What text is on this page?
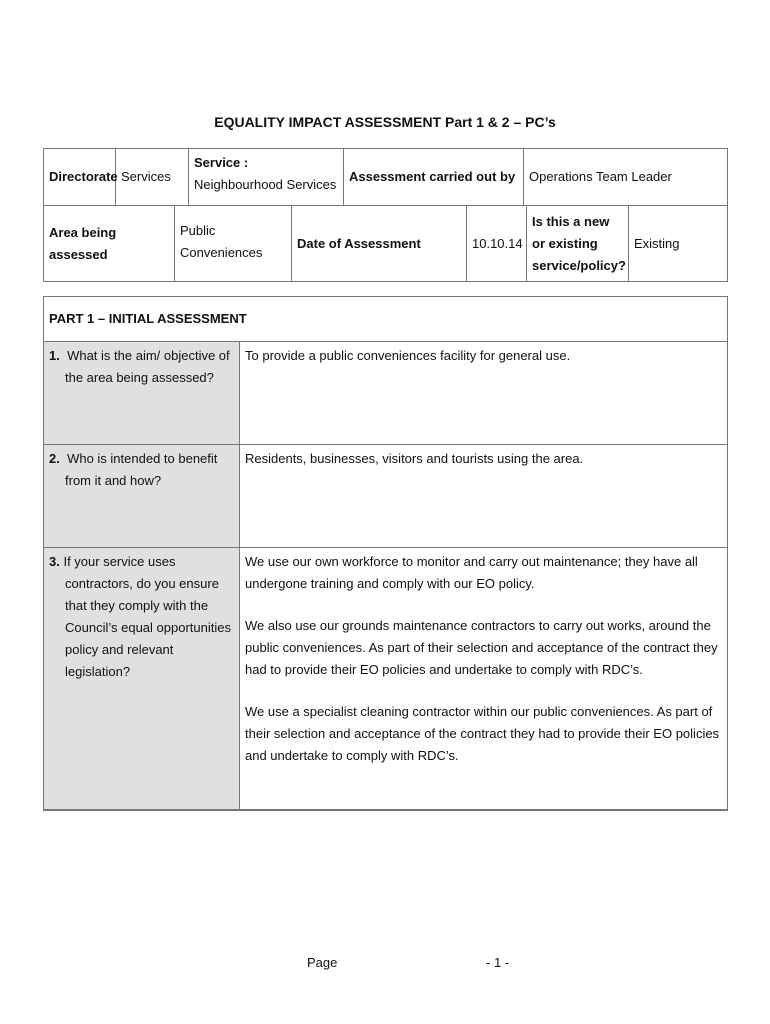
EQUALITY IMPACT ASSESSMENT Part 1 & 2 – PC’s
Directorate	Services	Service : Neighbourhood Services	Assessment carried out by	Operations Team Leader
Area being assessed	Public Conveniences	Date of Assessment	10.10.14	Is this a new or existing service/policy?	Existing
PART 1 – INITIAL ASSESSMENT	

1. What is the aim/ objective of the area being assessed?	To provide a public conveniences facility for general use.

2. Who is intended to benefit from it and how?	Residents, businesses, visitors and tourists using the area.

3. If your service uses contractors, do you ensure that they comply with the Council’s equal opportunities policy and relevant legislation?	We use our own workforce to monitor and carry out maintenance; they have all undergone training and comply with our EO policy.

We also use our grounds maintenance contractors to carry out works, around the public conveniences. As part of their selection and acceptance of the contract they had to provide their EO policies and undertake to comply with RDC’s.

We use a specialist cleaning contractor within our public conveniences. As part of their selection and acceptance of the contract they had to provide their EO policies and undertake to comply with RDC’s.

Page	- 1 -
